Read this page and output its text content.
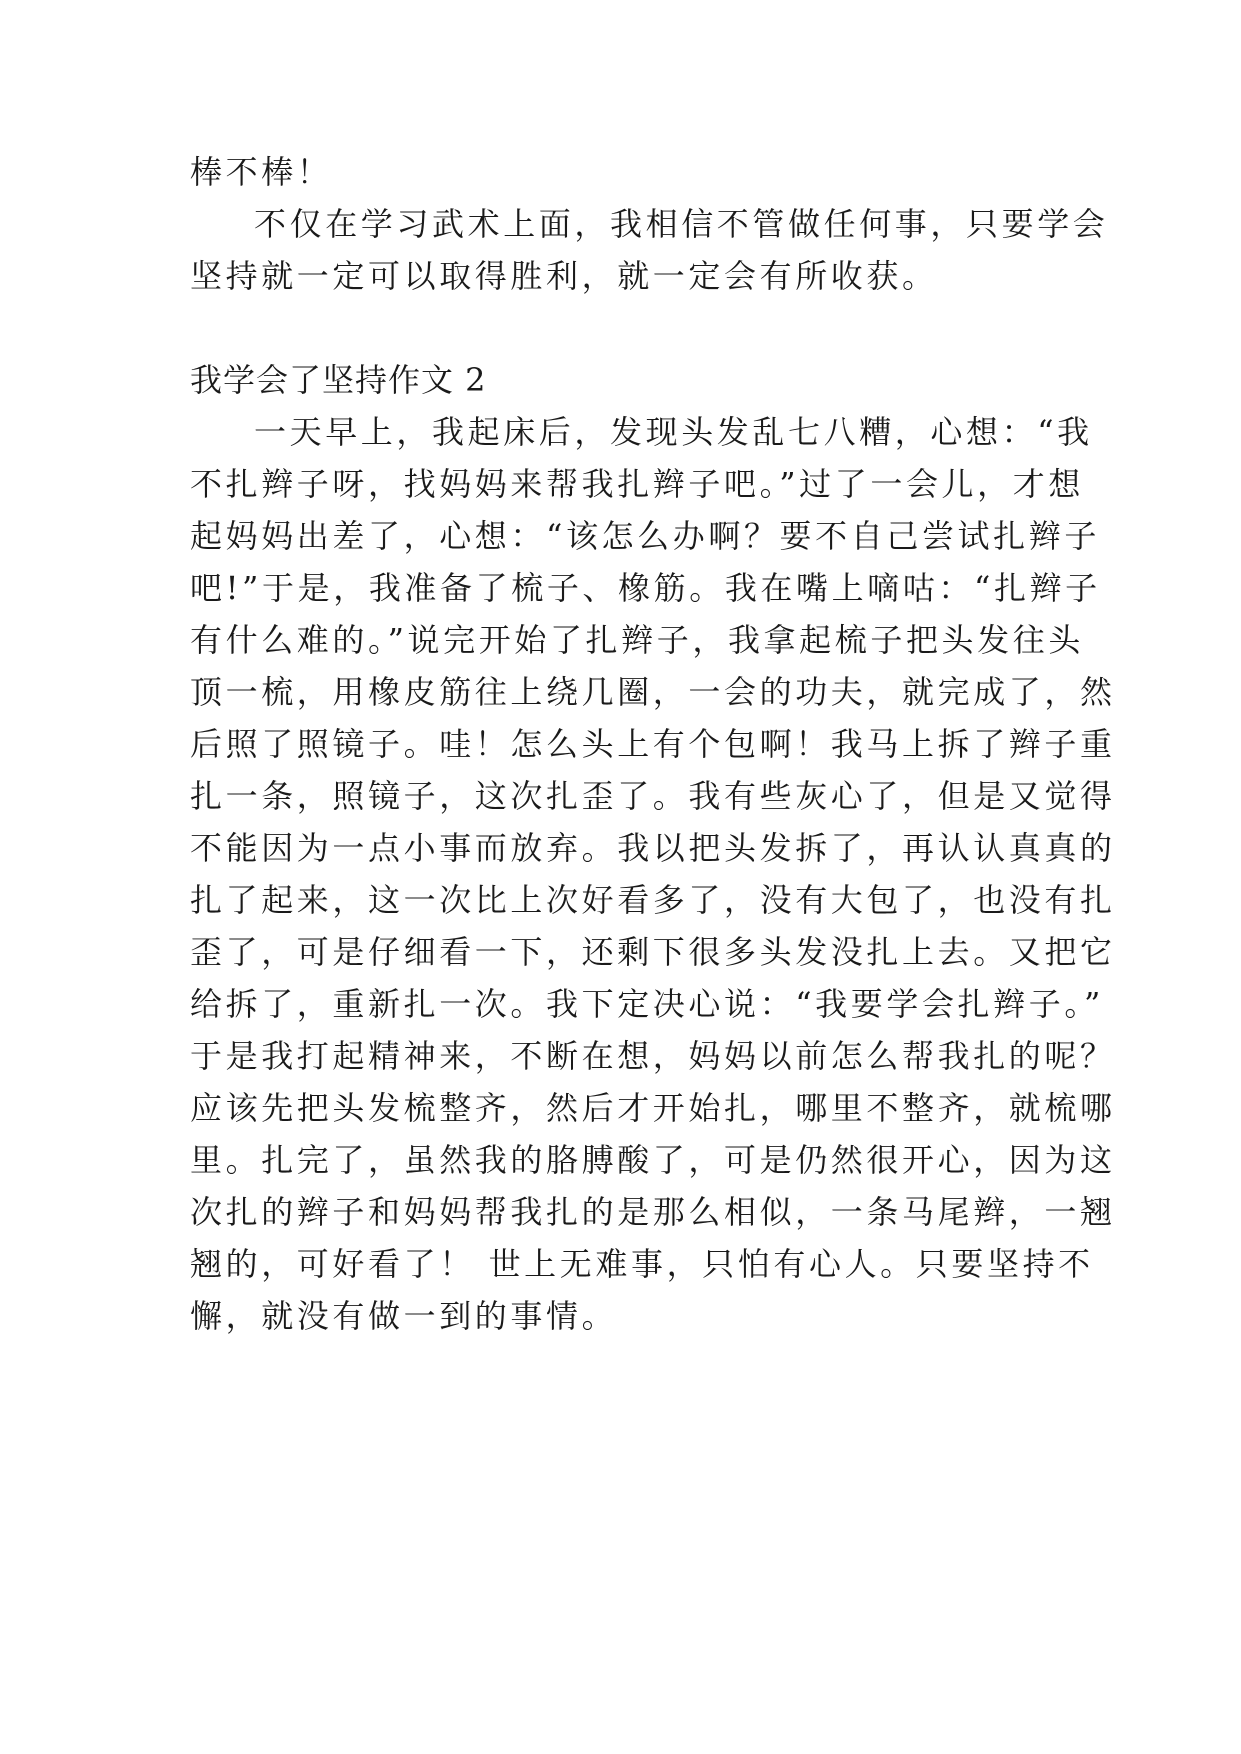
棒不棒！
不仅在学习武术上面，我相信不管做任何事，只要学会
坚持就一定可以取得胜利，就一定会有所收获。
我学会了坚持作文 2
一天早上，我起床后，发现头发乱七八糟，心想：“我
不扎辫子呀，找妈妈来帮我扎辫子吧。”过了一会儿，才想
起妈妈出差了，心想：“该怎么办啊？要不自己尝试扎辫子
吧!”于是，我准备了梳子、橡筋。我在嘴上嘀咕：“扎辫子
有什么难的。”说完开始了扎辫子，我拿起梳子把头发往头
顶一梳，用橡皮筋往上绕几圈，一会的功夫，就完成了，然
后照了照镜子。哇！怎么头上有个包啊！我马上拆了辫子重
扎一条，照镜子，这次扎歪了。我有些灰心了，但是又觉得
不能因为一点小事而放弃。我以把头发拆了，再认认真真的
扎了起来，这一次比上次好看多了，没有大包了，也没有扎
歪了，可是仔细看一下，还剩下很多头发没扎上去。又把它
给拆了，重新扎一次。我下定决心说：“我要学会扎辫子。”
于是我打起精神来，不断在想，妈妈以前怎么帮我扎的呢？
应该先把头发梳整齐，然后才开始扎，哪里不整齐，就梳哪
里。扎完了，虽然我的胳膊酸了，可是仍然很开心，因为这
次扎的辫子和妈妈帮我扎的是那么相似，一条马尾辫，一翘
翘的，可好看了！ 世上无难事，只怕有心人。只要坚持不
懈，就没有做一到的事情。
